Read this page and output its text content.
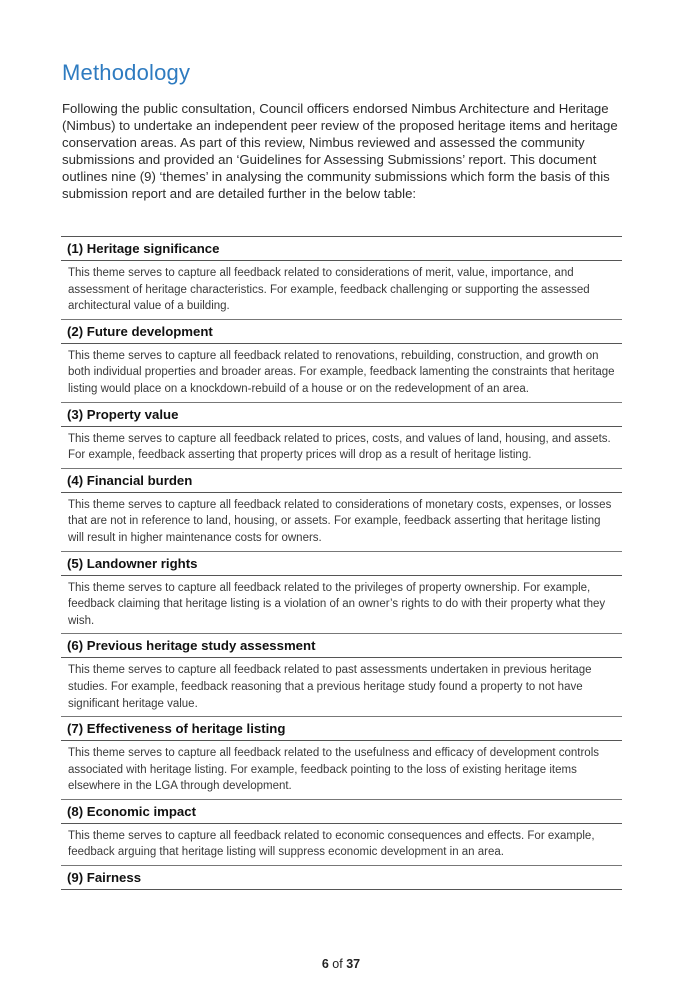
Methodology

Following the public consultation, Council officers endorsed Nimbus Architecture and Heritage (Nimbus) to undertake an independent peer review of the proposed heritage items and heritage conservation areas. As part of this review, Nimbus reviewed and assessed the community submissions and provided an ‘Guidelines for Assessing Submissions’ report. This document outlines nine (9) ‘themes’ in analysing the community submissions which form the basis of this submission report and are detailed further in the below table:

(1) Heritage significance
This theme serves to capture all feedback related to considerations of merit, value, importance, and assessment of heritage characteristics. For example, feedback challenging or supporting the assessed architectural value of a building.
(2) Future development
This theme serves to capture all feedback related to renovations, rebuilding, construction, and growth on both individual properties and broader areas. For example, feedback lamenting the constraints that heritage listing would place on a knockdown-rebuild of a house or on the redevelopment of an area.
(3) Property value
This theme serves to capture all feedback related to prices, costs, and values of land, housing, and assets. For example, feedback asserting that property prices will drop as a result of heritage listing.
(4) Financial burden
This theme serves to capture all feedback related to considerations of monetary costs, expenses, or losses that are not in reference to land, housing, or assets. For example, feedback asserting that heritage listing will result in higher maintenance costs for owners.
(5) Landowner rights
This theme serves to capture all feedback related to the privileges of property ownership. For example, feedback claiming that heritage listing is a violation of an owner’s rights to do with their property what they wish.
(6) Previous heritage study assessment
This theme serves to capture all feedback related to past assessments undertaken in previous heritage studies. For example, feedback reasoning that a previous heritage study found a property to not have significant heritage value.
(7) Effectiveness of heritage listing
This theme serves to capture all feedback related to the usefulness and efficacy of development controls associated with heritage listing. For example, feedback pointing to the loss of existing heritage items elsewhere in the LGA through development.
(8) Economic impact
This theme serves to capture all feedback related to economic consequences and effects. For example, feedback arguing that heritage listing will suppress economic development in an area.
(9) Fairness
6 of 37
